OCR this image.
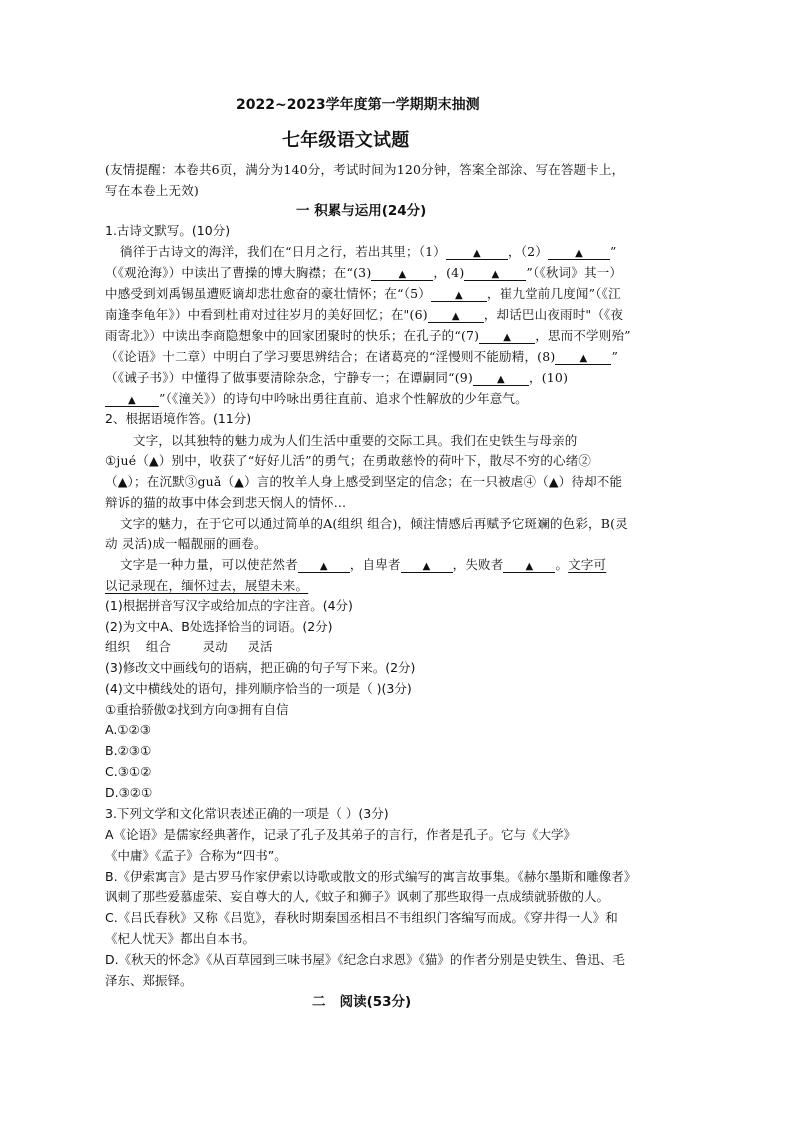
2022~2023学年度第一学期期末抽测
七年级语文试题
(友情提醒：本卷共6页，满分为140分，考试时间为120分钟，答案全部涂、写在答题卡上，
写在本卷上无效)
一 积累与运用(24分)
1.古诗文默写。(10分)
徜徉于古诗文的海洋，我们在“日月之行，若出其里；（1）	▲ ，（2）	▲ ”
（《观沧海》）中读出了曹操的博大胸襟；在“(3)	▲ ，(4)	▲ ”（《秋词》其一）
中感受到刘禹锡虽遭贬谪却悲壮愈奋的豪壮情怀；在“（5） ▲ ，崔九堂前几度闻”（《江
南逢李龟年》）中看到杜甫对过往岁月的美好回忆；在"(6) ▲ ，却话巴山夜雨时"（《夜
雨寄北》）中读出李商隐想象中的回家团聚时的快乐；在孔子的“(7) ▲ ，思而不学则殆”
（《论语》十二章）中明白了学习要思辨结合；在诸葛亮的“淫慢则不能励精，(8) ▲ ”
（《诫子书》）中懂得了做事要清除杂念，宁静专一；在谭嗣同“(9) ▲ ，(10)
▲ ”（《潼关》）的诗句中吟咏出勇往直前、追求个性解放的少年意气。
2、根据语境作答。(11分)
文字，以其独特的魅力成为人们生活中重要的交际工具。我们在史铁生与母亲的
①jué（▲）别中，收获了“好好儿活”的勇气；在勇敢慈怜的荷叶下，散尽不穷的心绪②
（▲）；在沉默③guǎ（▲）言的牧羊人身上感受到坚定的信念；在一只被虐④（▲）待却不能
辩诉的猫的故事中体会到悲天悯人的情怀…
文字的魅力，在于它可以通过简单的A(组织 组合)，倾注情感后再赋予它斑斓的色彩，B(灵
动 灵活)成一幅靓丽的画卷。
文字是一种力量，可以使茫然者 ▲ ，自卑者 ▲ ，失败者 ▲ 。文字可
以记录现在，缅怀过去，展望未来。
(1)根据拼音写汉字或给加点的字注音。(4分)
(2)为文中A、B处选择恰当的词语。(2分)
组织    组合        灵动     灵活
(3)修改文中画线句的语病，把正确的句子写下来。(2分)
(4)文中横线处的语句，排列顺序恰当的一项是（ )(3分)
①重拾骄傲②找到方向③拥有自信
A.①②③
B.②③①
C.③①②
D.③②①
3.下列文学和文化常识表述正确的一项是（ ）(3分)
A《论语》是儒家经典著作，记录了孔子及其弟子的言行，作者是孔子。它与《大学》
《中庸》《孟子》合称为“四书”。
B.《伊索寓言》是古罗马作家伊索以诗歌或散文的形式编写的寓言故事集。《赫尔墨斯和雕像者》
讽刺了那些爱慕虚荣、妄自尊大的人,《蚊子和狮子》讽刺了那些取得一点成绩就骄傲的人。
C.《吕氏春秋》又称《吕览》，春秋时期秦国丞相吕不韦组织门客编写而成。《穿井得一人》和
《杞人忧天》都出自本书。
D.《秋天的怀念》《从百草园到三味书屋》《纪念白求恩》《猫》的作者分别是史铁生、鲁迅、毛
泽东、郑振铎。
二   阅读(53分)
